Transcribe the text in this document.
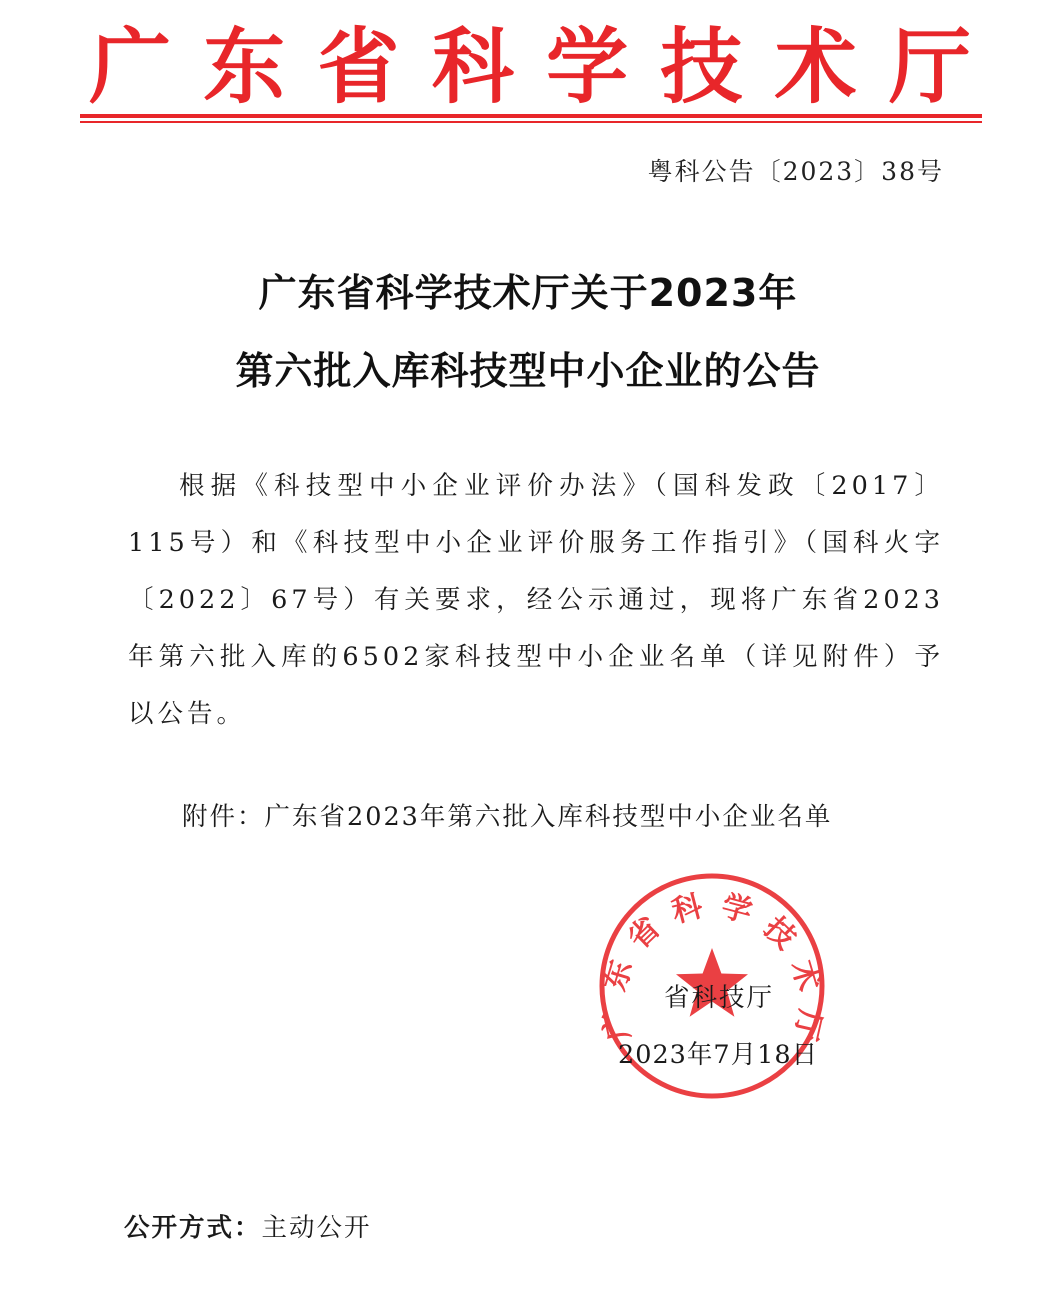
广 东 省 科 学 技 术 厅
粤科公告〔2023〕38号
广东省科学技术厅关于2023年
第六批入库科技型中小企业的公告
根据《科技型中小企业评价办法》（国科发政〔2017〕115号）和《科技型中小企业评价服务工作指引》（国科火字〔2022〕67号）有关要求，经公示通过，现将广东省2023年第六批入库的6502家科技型中小企业名单（详见附件）予以公告。
附件：广东省2023年第六批入库科技型中小企业名单
广 东 省 科 学 技 术 厅
省科技厅
2023年7月18日
公开方式：主动公开
